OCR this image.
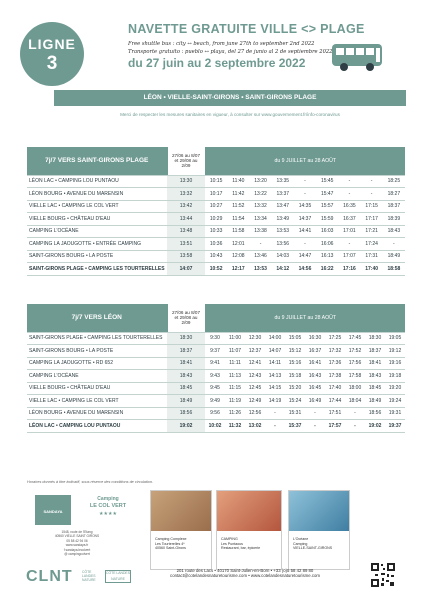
LIGNE
3
NAVETTE GRATUITE VILLE <> PLAGE
Free shuttle bus : city ↔ beach, from june 27th to september 2nd 2022
Transporte gratuito : pueblo ↔ playa, del 27 de junio al 2 de septiembre 2022
du 27 juin au 2 septembre 2022
LÉON • VIELLE-SAINT-GIRONS • SAINT-GIRONS PLAGE
Merci de respecter les mesures sanitaires en vigueur, à consulter sur www.gouvernement.fr/info-coronavirus
7j/7 VERS SAINT-GIRONS PLAGE	27/06 au 8/07 et 29/08 au 2/09	du 9 JUILLET au 28 AOÛT								
LÉON LAC • CAMPING LOU PUNTAOU	13:30	10:15	11:40	13:20	13:35	-	15:45	-	-	18:25
LÉON BOURG • AVENUE DU MARENSIN	13:32	10:17	11:42	13:22	13:37	-	15:47	-	-	18:27
VIELLE LAC • CAMPING LE COL VERT	13:42	10:27	11:52	13:32	13:47	14:35	15:57	16:35	17:15	18:37
VIELLE BOURG • CHÂTEAU D'EAU	13:44	10:29	11:54	13:34	13:49	14:37	15:59	16:37	17:17	18:39
CAMPING L'OCÉANE	13:48	10:33	11:58	13:38	13:53	14:41	16:03	17:01	17:21	18:43
CAMPING LA JAOUGOTTE • ENTRÉE CAMPING	13:51	10:36	12:01	-	13:56	-	16:06	-	17:24	-
SAINT-GIRONS BOURG • LA POSTE	13:58	10:43	12:08	13:46	14:03	14:47	16:13	17:07	17:31	18:49
SAINT-GIRONS PLAGE • CAMPING LES TOURTERELLES	14:07	10:52	12:17	13:53	14:12	14:56	16:22	17:16	17:40	18:58
7j/7 VERS LÉON	27/06 au 8/07 et 29/08 au 2/09	du 9 JUILLET au 28 AOÛT									
SAINT-GIRONS PLAGE • CAMPING LES TOURTERELLES	18:30	9:30	11:00	12:30	14:00	15:05	16:30	17:25	17:45	18:30	19:05
SAINT-GIRONS BOURG • LA POSTE	18:37	9:37	11:07	12:37	14:07	15:12	16:37	17:32	17:52	18:37	19:12
CAMPING LA JAOUGOTTE • RD 652	18:41	9:41	11:11	12:41	14:11	15:16	16:41	17:36	17:56	18:41	19:16
CAMPING L'OCÉANE	18:43	9:43	11:13	12:43	14:13	15:18	16:43	17:38	17:58	18:43	19:18
VIELLE BOURG • CHÂTEAU D'EAU	18:45	9:45	11:15	12:45	14:15	15:20	16:45	17:40	18:00	18:45	19:20
VIELLE LAC • CAMPING LE COL VERT	18:49	9:49	11:19	12:49	14:19	15:24	16:49	17:44	18:04	18:49	19:24
LÉON BOURG • AVENUE DU MARENSIN	18:56	9:56	11:26	12:56	-	15:31	-	17:51	-	18:56	19:31
LÉON LAC • CAMPING LOU PUNTAOU	19:02	10:02	11:32	13:02	-	15:37	-	17:57	-	19:02	19:37
Horaires donnés à titre indicatif, sous réserve des conditions de circulation.
SANDAYA
Camping
LE COL VERT
★★★★
1548, route de l'Etang
40560 VIELLE SAINT GIRONS
05 58 42 94 06
www.sandaya.fr
f sandaya.lecolvert
@ campingcolvert
Camping Complexe
Les Tourterelles 4*
40560 Saint-Girons
CAMPING
Les Puntaous
Restaurant, bar, épicerie
L'Océane
Camping
VIELLE-SAINT-GIRONS
CLNT	CÔTE
LANDES
NATURE
CÔTE LANDES NATURE
201 route des Lacs • 40170 Saint-Julien-en-Born • +33 (0)5 58 42 89 80
contact@cotelandesnaturetourisme.com • www.cotelandesnaturetourisme.com
